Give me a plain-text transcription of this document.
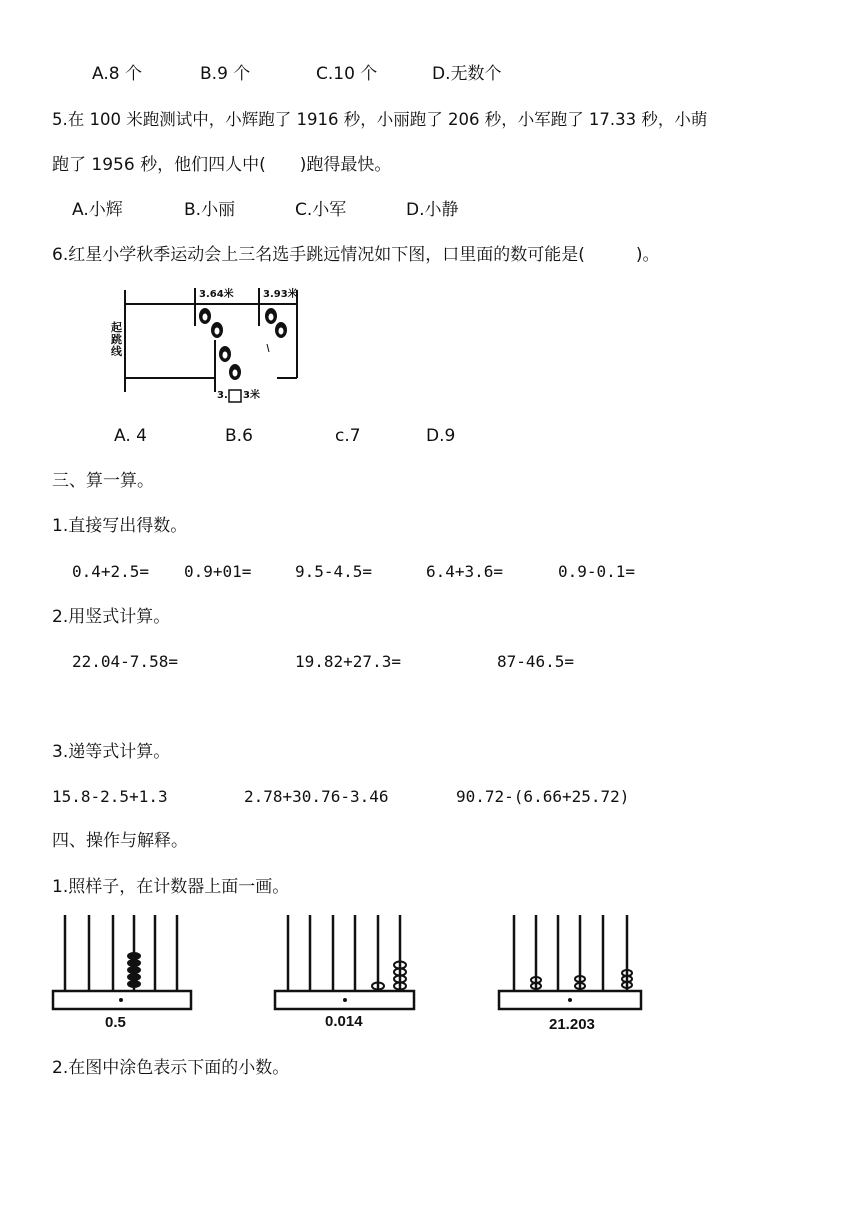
A.8 个	B.9 个	C.10 个	D.无数个
5.在 100 米跑测试中，小辉跑了 1916 秒，小丽跑了 206 秒，小军跑了 17.33 秒，小萌
跑了 1956 秒，他们四人中(　　)跑得最快。
A.小辉	B.小丽	C.小军	D.小静
6.红星小学秋季运动会上三名选手跳远情况如下图，口里面的数可能是(　　　)。
起跳线
3.64米	3.93米
3. 3米
A. 4	B.6	c.7	D.9
三、算一算。
1.直接写出得数。
0.4+2.5= 0.9+01=	9.5-4.5=	6.4+3.6=	0.9-0.1=
2.用竖式计算。
22.04-7.58=	19.82+27.3=	87-46.5=
3.递等式计算。
15.8-2.5+1.3	2.78+30.76-3.46	90.72-(6.66+25.72)
四、操作与解释。
1.照样子，在计数器上面一画。
0.5	0.014	21.203
2.在图中涂色表示下面的小数。
